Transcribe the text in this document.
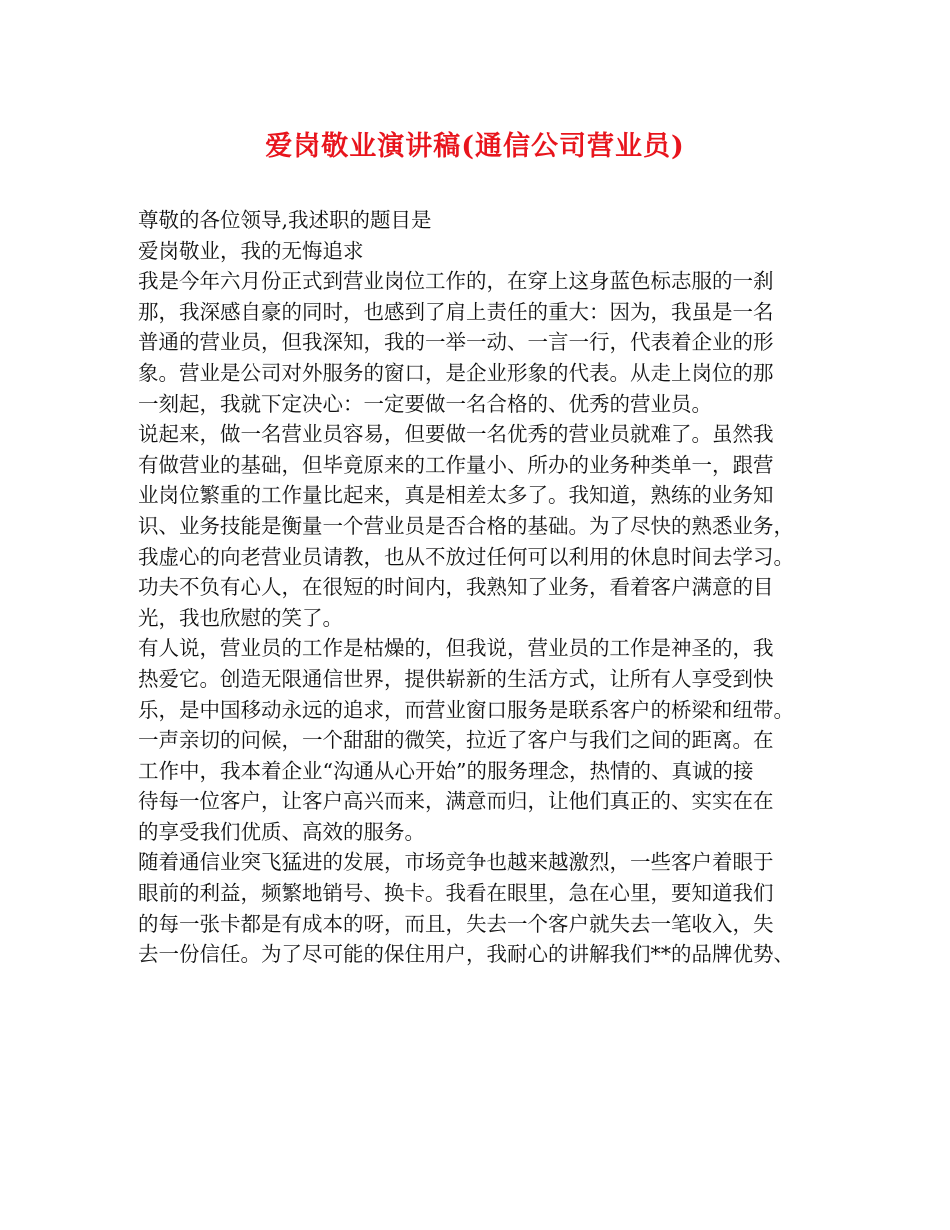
爱岗敬业演讲稿(通信公司营业员)
尊敬的各位领导,我述职的题目是
爱岗敬业，我的无悔追求
我是今年六月份正式到营业岗位工作的，在穿上这身蓝色标志服的一刹
那，我深感自豪的同时，也感到了肩上责任的重大：因为，我虽是一名
普通的营业员，但我深知，我的一举一动、一言一行，代表着企业的形
象。营业是公司对外服务的窗口，是企业形象的代表。从走上岗位的那
一刻起，我就下定决心：一定要做一名合格的、优秀的营业员。
说起来，做一名营业员容易，但要做一名优秀的营业员就难了。虽然我
有做营业的基础，但毕竟原来的工作量小、所办的业务种类单一，跟营
业岗位繁重的工作量比起来，真是相差太多了。我知道，熟练的业务知
识、业务技能是衡量一个营业员是否合格的基础。为了尽快的熟悉业务，
我虚心的向老营业员请教，也从不放过任何可以利用的休息时间去学习。
功夫不负有心人，在很短的时间内，我熟知了业务，看着客户满意的目
光，我也欣慰的笑了。
有人说，营业员的工作是枯燥的，但我说，营业员的工作是神圣的，我
热爱它。创造无限通信世界，提供崭新的生活方式，让所有人享受到快
乐，是中国移动永远的追求，而营业窗口服务是联系客户的桥梁和纽带。
一声亲切的问候，一个甜甜的微笑，拉近了客户与我们之间的距离。在
工作中，我本着企业“沟通从心开始”的服务理念，热情的、真诚的接
待每一位客户，让客户高兴而来，满意而归，让他们真正的、实实在在
的享受我们优质、高效的服务。
随着通信业突飞猛进的发展，市场竞争也越来越激烈，一些客户着眼于
眼前的利益，频繁地销号、换卡。我看在眼里，急在心里，要知道我们
的每一张卡都是有成本的呀，而且，失去一个客户就失去一笔收入，失
去一份信任。为了尽可能的保住用户，我耐心的讲解我们**的品牌优势、
